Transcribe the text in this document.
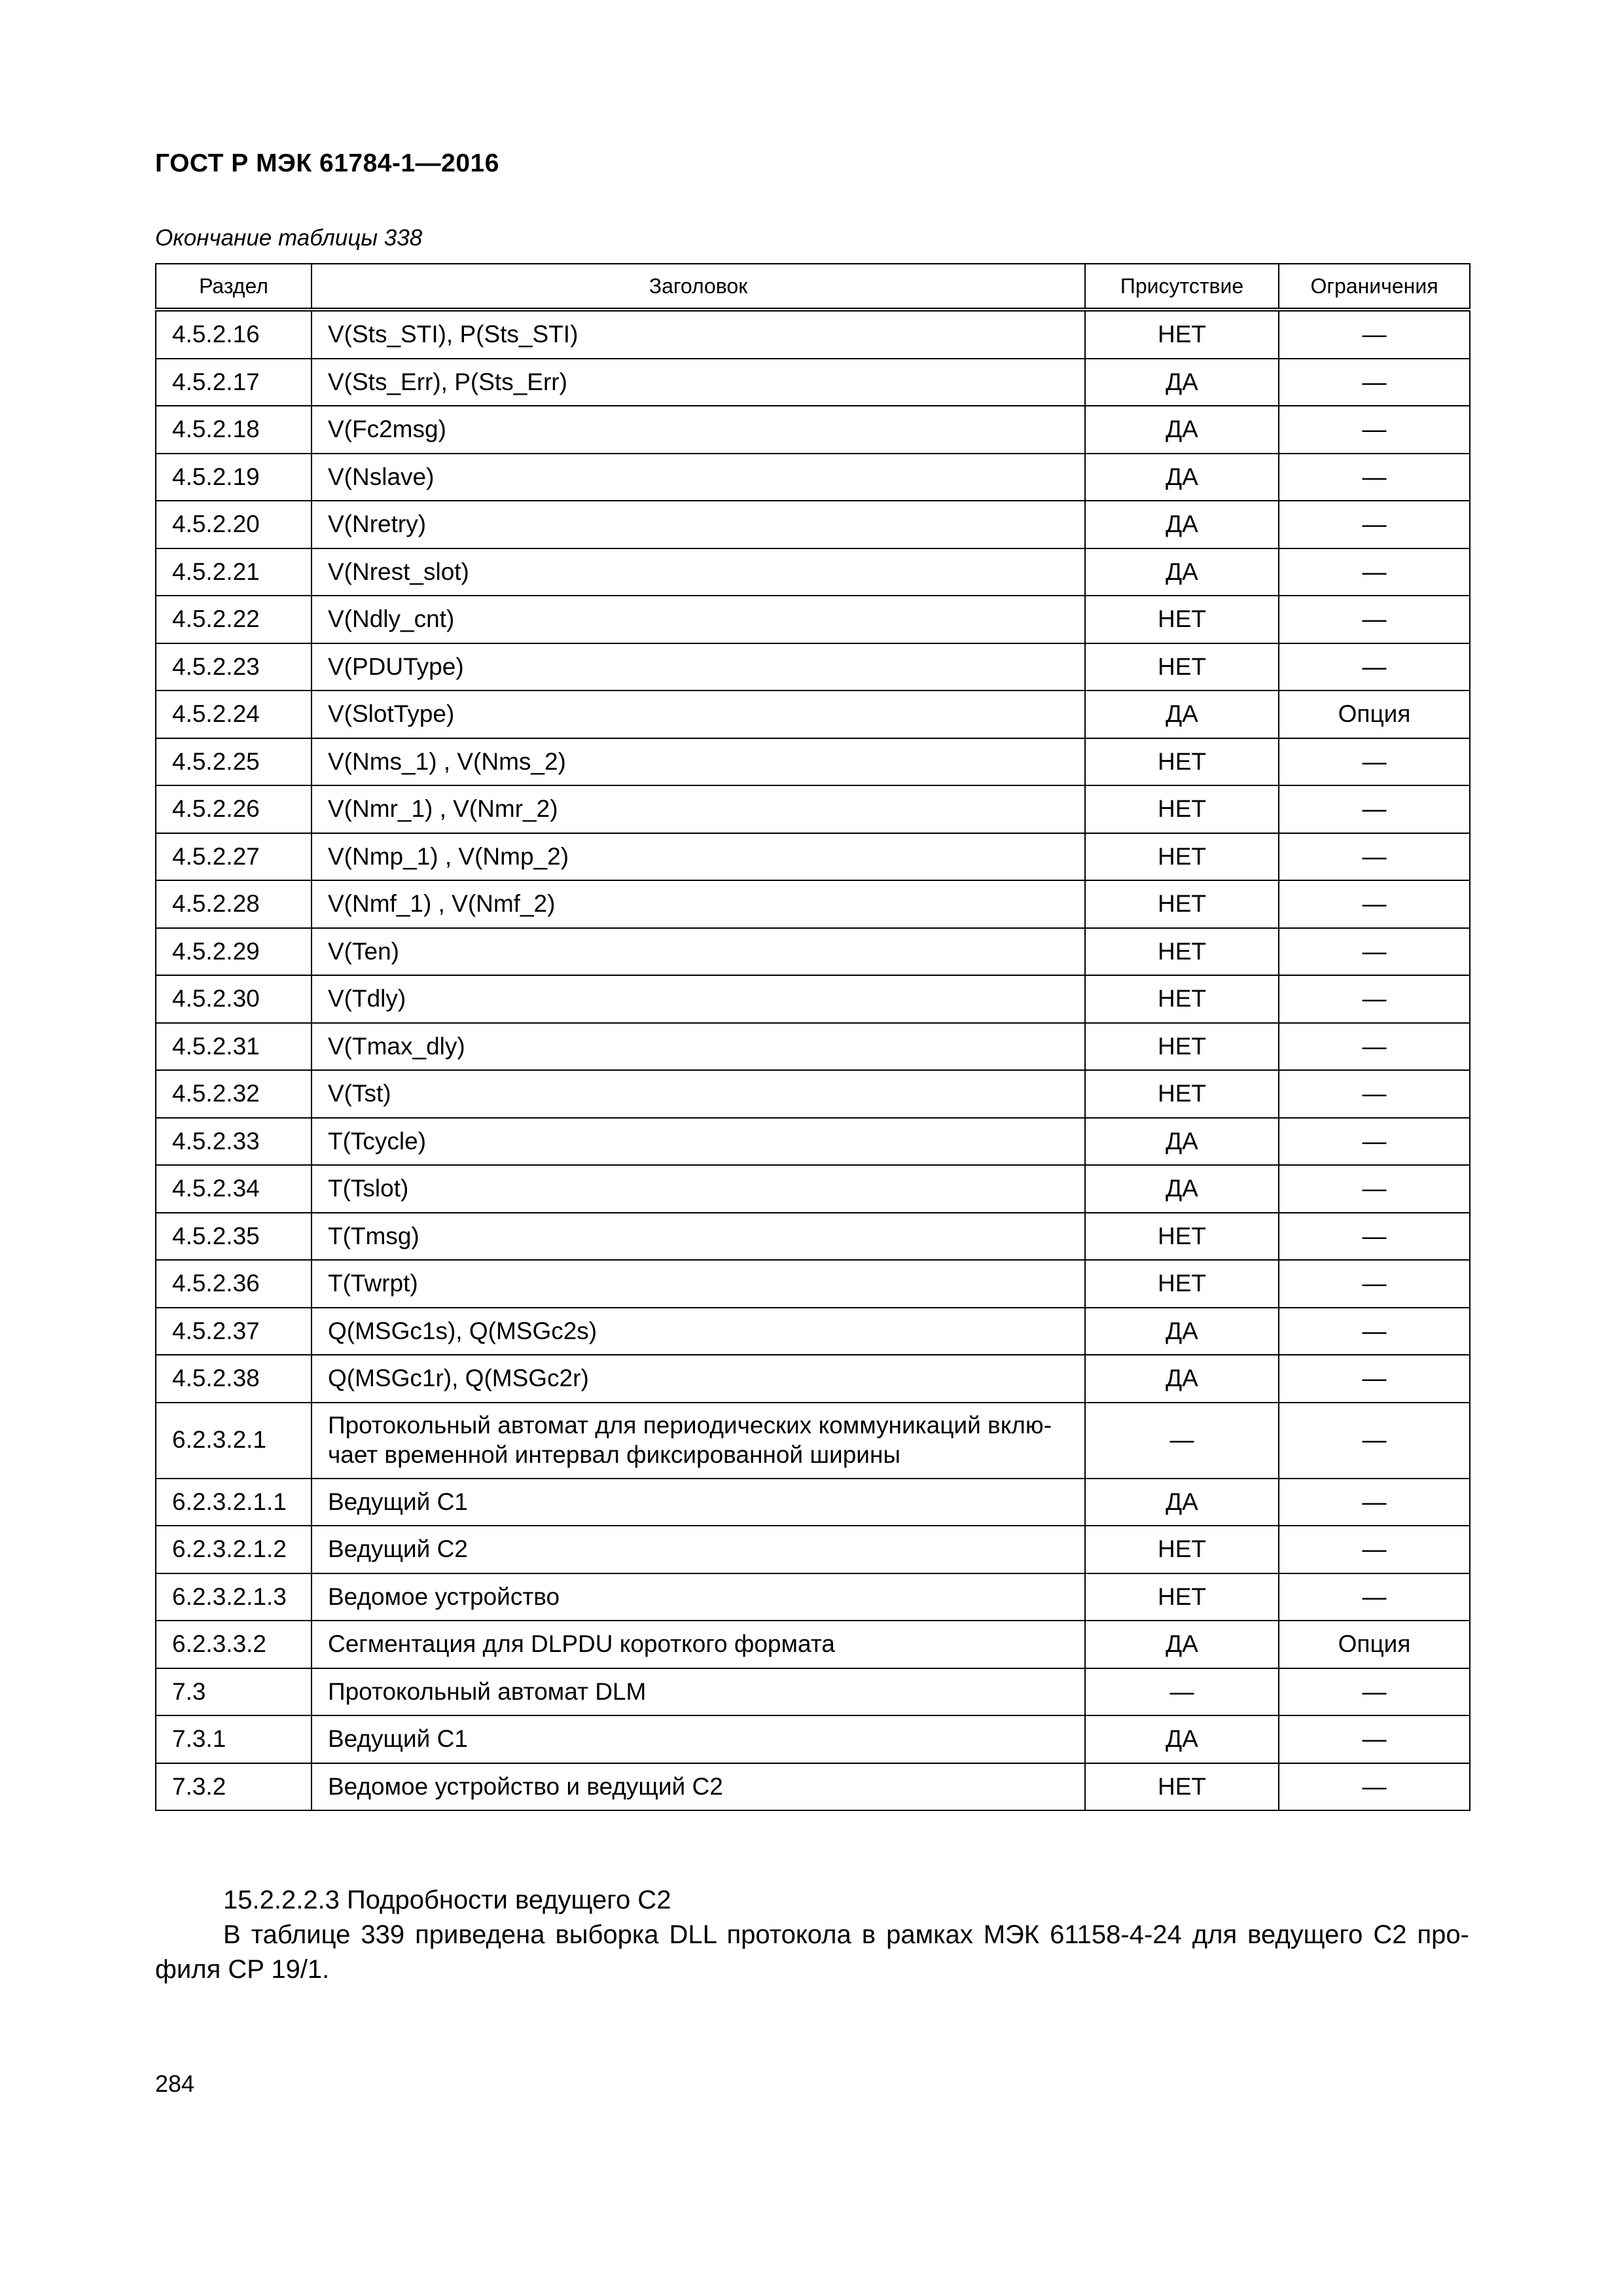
ГОСТ Р МЭК 61784-1—2016
Окончание таблицы 338
Раздел	Заголовок	Присутствие	Ограничения
4.5.2.16	V(Sts_STI), P(Sts_STI)	НЕТ	—
4.5.2.17	V(Sts_Err), P(Sts_Err)	ДА	—
4.5.2.18	V(Fc2msg)	ДА	—
4.5.2.19	V(Nslave)	ДА	—
4.5.2.20	V(Nretry)	ДА	—
4.5.2.21	V(Nrest_slot)	ДА	—
4.5.2.22	V(Ndly_cnt)	НЕТ	—
4.5.2.23	V(PDUType)	НЕТ	—
4.5.2.24	V(SlotType)	ДА	Опция
4.5.2.25	V(Nms_1) , V(Nms_2)	НЕТ	—
4.5.2.26	V(Nmr_1) , V(Nmr_2)	НЕТ	—
4.5.2.27	V(Nmp_1) , V(Nmp_2)	НЕТ	—
4.5.2.28	V(Nmf_1) , V(Nmf_2)	НЕТ	—
4.5.2.29	V(Ten)	НЕТ	—
4.5.2.30	V(Tdly)	НЕТ	—
4.5.2.31	V(Tmax_dly)	НЕТ	—
4.5.2.32	V(Tst)	НЕТ	—
4.5.2.33	T(Tcycle)	ДА	—
4.5.2.34	T(Tslot)	ДА	—
4.5.2.35	T(Tmsg)	НЕТ	—
4.5.2.36	T(Twrpt)	НЕТ	—
4.5.2.37	Q(MSGc1s), Q(MSGc2s)	ДА	—
4.5.2.38	Q(MSGc1r), Q(MSGc2r)	ДА	—
6.2.3.2.1	Протокольный автомат для периодических коммуникаций вклю-чает временной интервал фиксированной ширины	—	—
6.2.3.2.1.1	Ведущий С1	ДА	—
6.2.3.2.1.2	Ведущий С2	НЕТ	—
6.2.3.2.1.3	Ведомое устройство	НЕТ	—
6.2.3.3.2	Сегментация для DLPDU короткого формата	ДА	Опция
7.3	Протокольный автомат DLM	—	—
7.3.1	Ведущий С1	ДА	—
7.3.2	Ведомое устройство и ведущий С2	НЕТ	—

15.2.2.2.3 Подробности ведущего С2

В таблице 339 приведена выборка DLL протокола в рамках МЭК 61158-4-24 для ведущего С2 про-филя CP 19/1.

284
